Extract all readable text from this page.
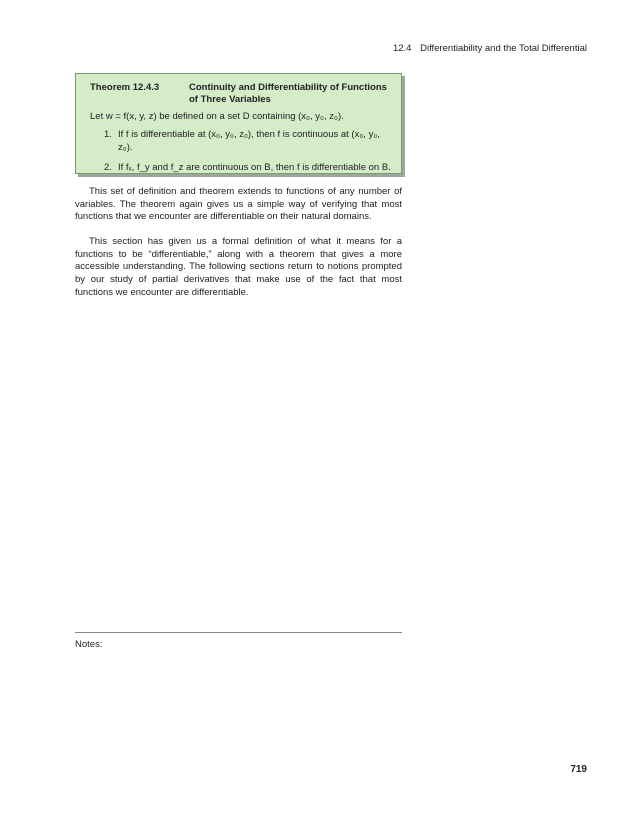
12.4 Differentiability and the Total Differential
Theorem 12.4.3	Continuity and Differentiability of Functions of Three Variables
Let w = f(x, y, z) be defined on a set D containing (x₀, y₀, z₀).
1. If f is differentiable at (x₀, y₀, z₀), then f is continuous at (x₀, y₀, z₀).
2. If fₓ, f_y and f_z are continuous on B, then f is differentiable on B.

This set of definition and theorem extends to functions of any number of variables. The theorem again gives us a simple way of verifying that most functions that we encounter are differentiable on their natural domains.

This section has given us a formal definition of what it means for a functions to be “differentiable,” along with a theorem that gives a more accessible understanding. The following sections return to notions prompted by our study of partial derivatives that make use of the fact that most functions we encounter are differentiable.

Notes:
719
